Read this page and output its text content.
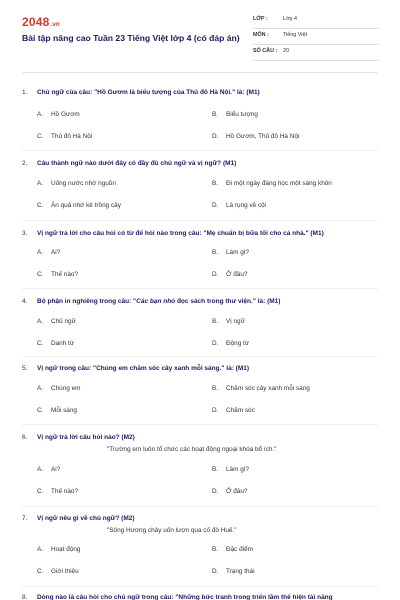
2048.vn
Bài tập nâng cao Tuần 23 Tiếng Việt lớp 4 (có đáp án)
LỚP :	Lớp 4
MÔN :	Tiếng Việt
SỐ CÂU : 20
1. Chủ ngữ của câu: "Hồ Gươm là biểu tượng của Thủ đô Hà Nội." là: (M1)
A. Hồ Gươm	B. Biểu tượng
C. Thủ đô Hà Nội	D. Hồ Gươm, Thủ đô Hà Nội
2. Câu thành ngữ nào dưới đây có đầy đủ chủ ngữ và vị ngữ? (M1)
A. Uống nước nhớ nguồn	B. Đi một ngày đàng học một sàng khôn
C. Ăn quả nhớ kẻ trồng cây	D. Lá rụng về cội
3. Vị ngữ trả lời cho câu hỏi có từ để hỏi nào trong câu: "Mẹ chuẩn bị bữa tối cho cả nhà." (M1)
A. Ai?	B. Làm gì?
C. Thế nào?	D. Ở đâu?
4. Bộ phận in nghiêng trong câu: "Các bạn nhỏ đọc sách trong thư viện." là: (M1)
A. Chủ ngữ	B. Vị ngữ
C. Danh từ	D. Động từ
5. Vị ngữ trong câu: "Chúng em chăm sóc cây xanh mỗi sáng." là: (M1)
A. Chúng em	B. Chăm sóc cây xanh mỗi sáng
C. Mỗi sáng	D. Chăm sóc
6. Vị ngữ trả lời câu hỏi nào? (M2)
"Trường em luôn tổ chức các hoạt động ngoại khóa bổ ích."
A. Ai?	B. Làm gì?
C. Thế nào?	D. Ở đâu?
7. Vị ngữ nêu gì về chủ ngữ? (M2)
"Sông Hương chảy uốn lượn qua cố đô Huế."
A. Hoạt động	B. Đặc điểm
C. Giới thiệu	D. Trạng thái
8. Dòng nào là câu hỏi cho chủ ngữ trong câu: "Những bức tranh trong triển lãm thể hiện tài năng
